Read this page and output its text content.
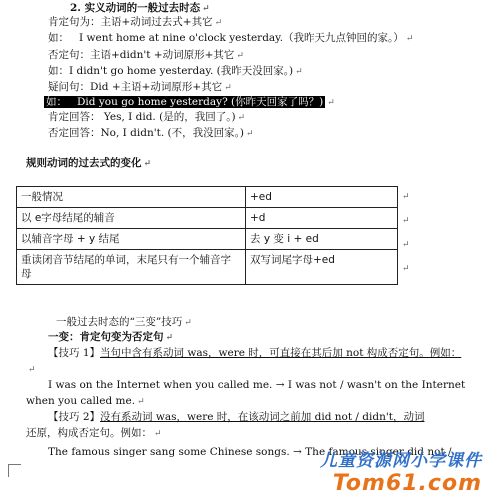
2. 实义动词的一般过去时态 ↵
肯定句为：主语+动词过去式+其它 ↵
如： I went home at nine o'clock yesterday.（我昨天九点钟回的家。） ↵
否定句：主语+didn't +动词原形+其它 ↵
如：I didn't go home yesterday. (我昨天没回家。) ↵
疑问句：Did +主语+动词原形+其它 ↵
如： Did you go home yesterday? (你昨天回家了吗？) ↵
肯定回答： Yes, I did. (是的，我回了。) ↵
否定回答：No, I didn't. (不，我没回家。) ↵
规则动词的过去式的变化 ↵
一般情况	+ed
以 e字母结尾的辅音	+d
以辅音字母 + y 结尾	去 y 变 i + ed
重读闭音节结尾的单词，末尾只有一个辅音字母	双写词尾字母+ed
↵
↵
↵
↵
一般过去时态的“三变”技巧 ↵
一变：肯定句变为否定句 ↵
【技巧 1】当句中含有系动词 was，were 时，可直接在其后加 not 构成否定句。例如：
↵
I was on the Internet when you called me. → I was not / wasn't on the Internet
when you called me. ↵
【技巧 2】没有系动词 was，were 时，在该动词之前加 did not / didn't，动词
还原，构成否定句。例如： ↵
The famous singer sang some Chinese songs. → The famous singer did not /
儿童资源网小学课件
Tom61.com
